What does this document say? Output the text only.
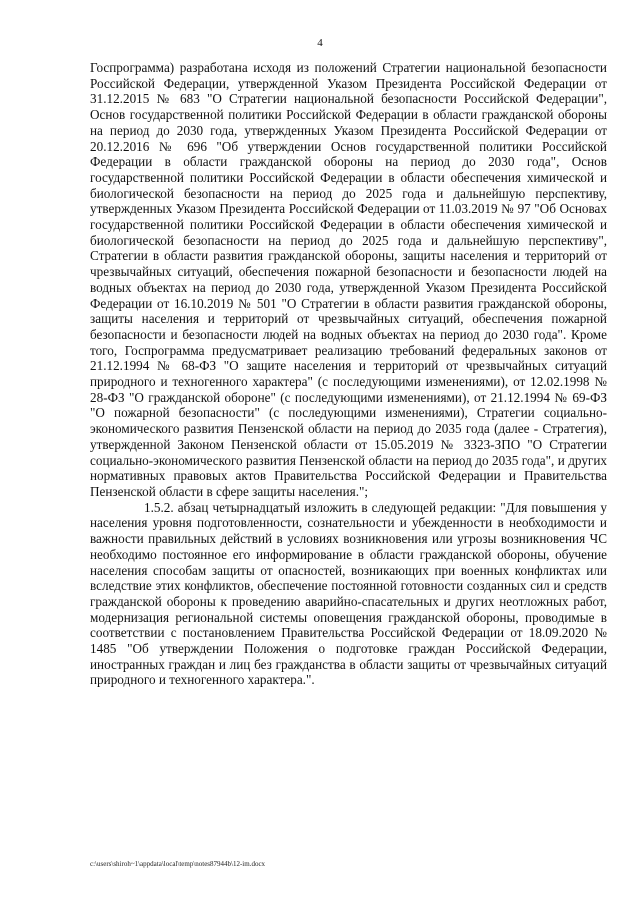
4

Госпрограмма) разработана исходя из положений Стратегии национальной безопасности Российской Федерации, утвержденной Указом Президента Российской Федерации от 31.12.2015 № 683 "О Стратегии национальной безопасности Российской Федерации", Основ государственной политики Российской Федерации в области гражданской обороны на период до 2030 года, утвержденных Указом Президента Российской Федерации от 20.12.2016 № 696 "Об утверждении Основ государственной политики Российской Федерации в области гражданской обороны на период до 2030 года", Основ государственной политики Российской Федерации в области обеспечения химической и биологической безопасности на период до 2025 года и дальнейшую перспективу, утвержденных Указом Президента Российской Федерации от 11.03.2019 № 97 "Об Основах государственной политики Российской Федерации в области обеспечения химической и биологической безопасности на период до 2025 года и дальнейшую перспективу", Стратегии в области развития гражданской обороны, защиты населения и территорий от чрезвычайных ситуаций, обеспечения пожарной безопасности и безопасности людей на водных объектах на период до 2030 года, утвержденной Указом Президента Российской Федерации от 16.10.2019 № 501 "О Стратегии в области развития гражданской обороны, защиты населения и территорий от чрезвычайных ситуаций, обеспечения пожарной безопасности и безопасности людей на водных объектах на период до 2030 года". Кроме того, Госпрограмма предусматривает реализацию требований федеральных законов от 21.12.1994 № 68-ФЗ "О защите населения и территорий от чрезвычайных ситуаций природного и техногенного характера" (с последующими изменениями), от 12.02.1998 № 28-ФЗ "О гражданской обороне" (с последующими изменениями), от 21.12.1994 № 69-ФЗ "О пожарной безопасности" (с последующими изменениями), Стратегии социально-экономического развития Пензенской области на период до 2035 года (далее - Стратегия), утвержденной Законом Пензенской области от 15.05.2019 № 3323-ЗПО "О Стратегии социально-экономического развития Пензенской области на период до 2035 года", и других нормативных правовых актов Правительства Российской Федерации и Правительства Пензенской области в сфере защиты населения.";

1.5.2. абзац четырнадцатый изложить в следующей редакции: "Для повышения у населения уровня подготовленности, сознательности и убежденности в необходимости и важности правильных действий в условиях возникновения или угрозы возникновения ЧС необходимо постоянное его информирование в области гражданской обороны, обучение населения способам защиты от опасностей, возникающих при военных конфликтах или вследствие этих конфликтов, обеспечение постоянной готовности созданных сил и средств гражданской обороны к проведению аварийно-спасательных и других неотложных работ, модернизация региональной системы оповещения гражданской обороны, проводимые в соответствии с постановлением Правительства Российской Федерации от 18.09.2020 № 1485 "Об утверждении Положения о подготовке граждан Российской Федерации, иностранных граждан и лиц без гражданства в области защиты от чрезвычайных ситуаций природного и техногенного характера.".

c:\users\shiroh~1\appdata\local\temp\notes87944b\12-im.docx
